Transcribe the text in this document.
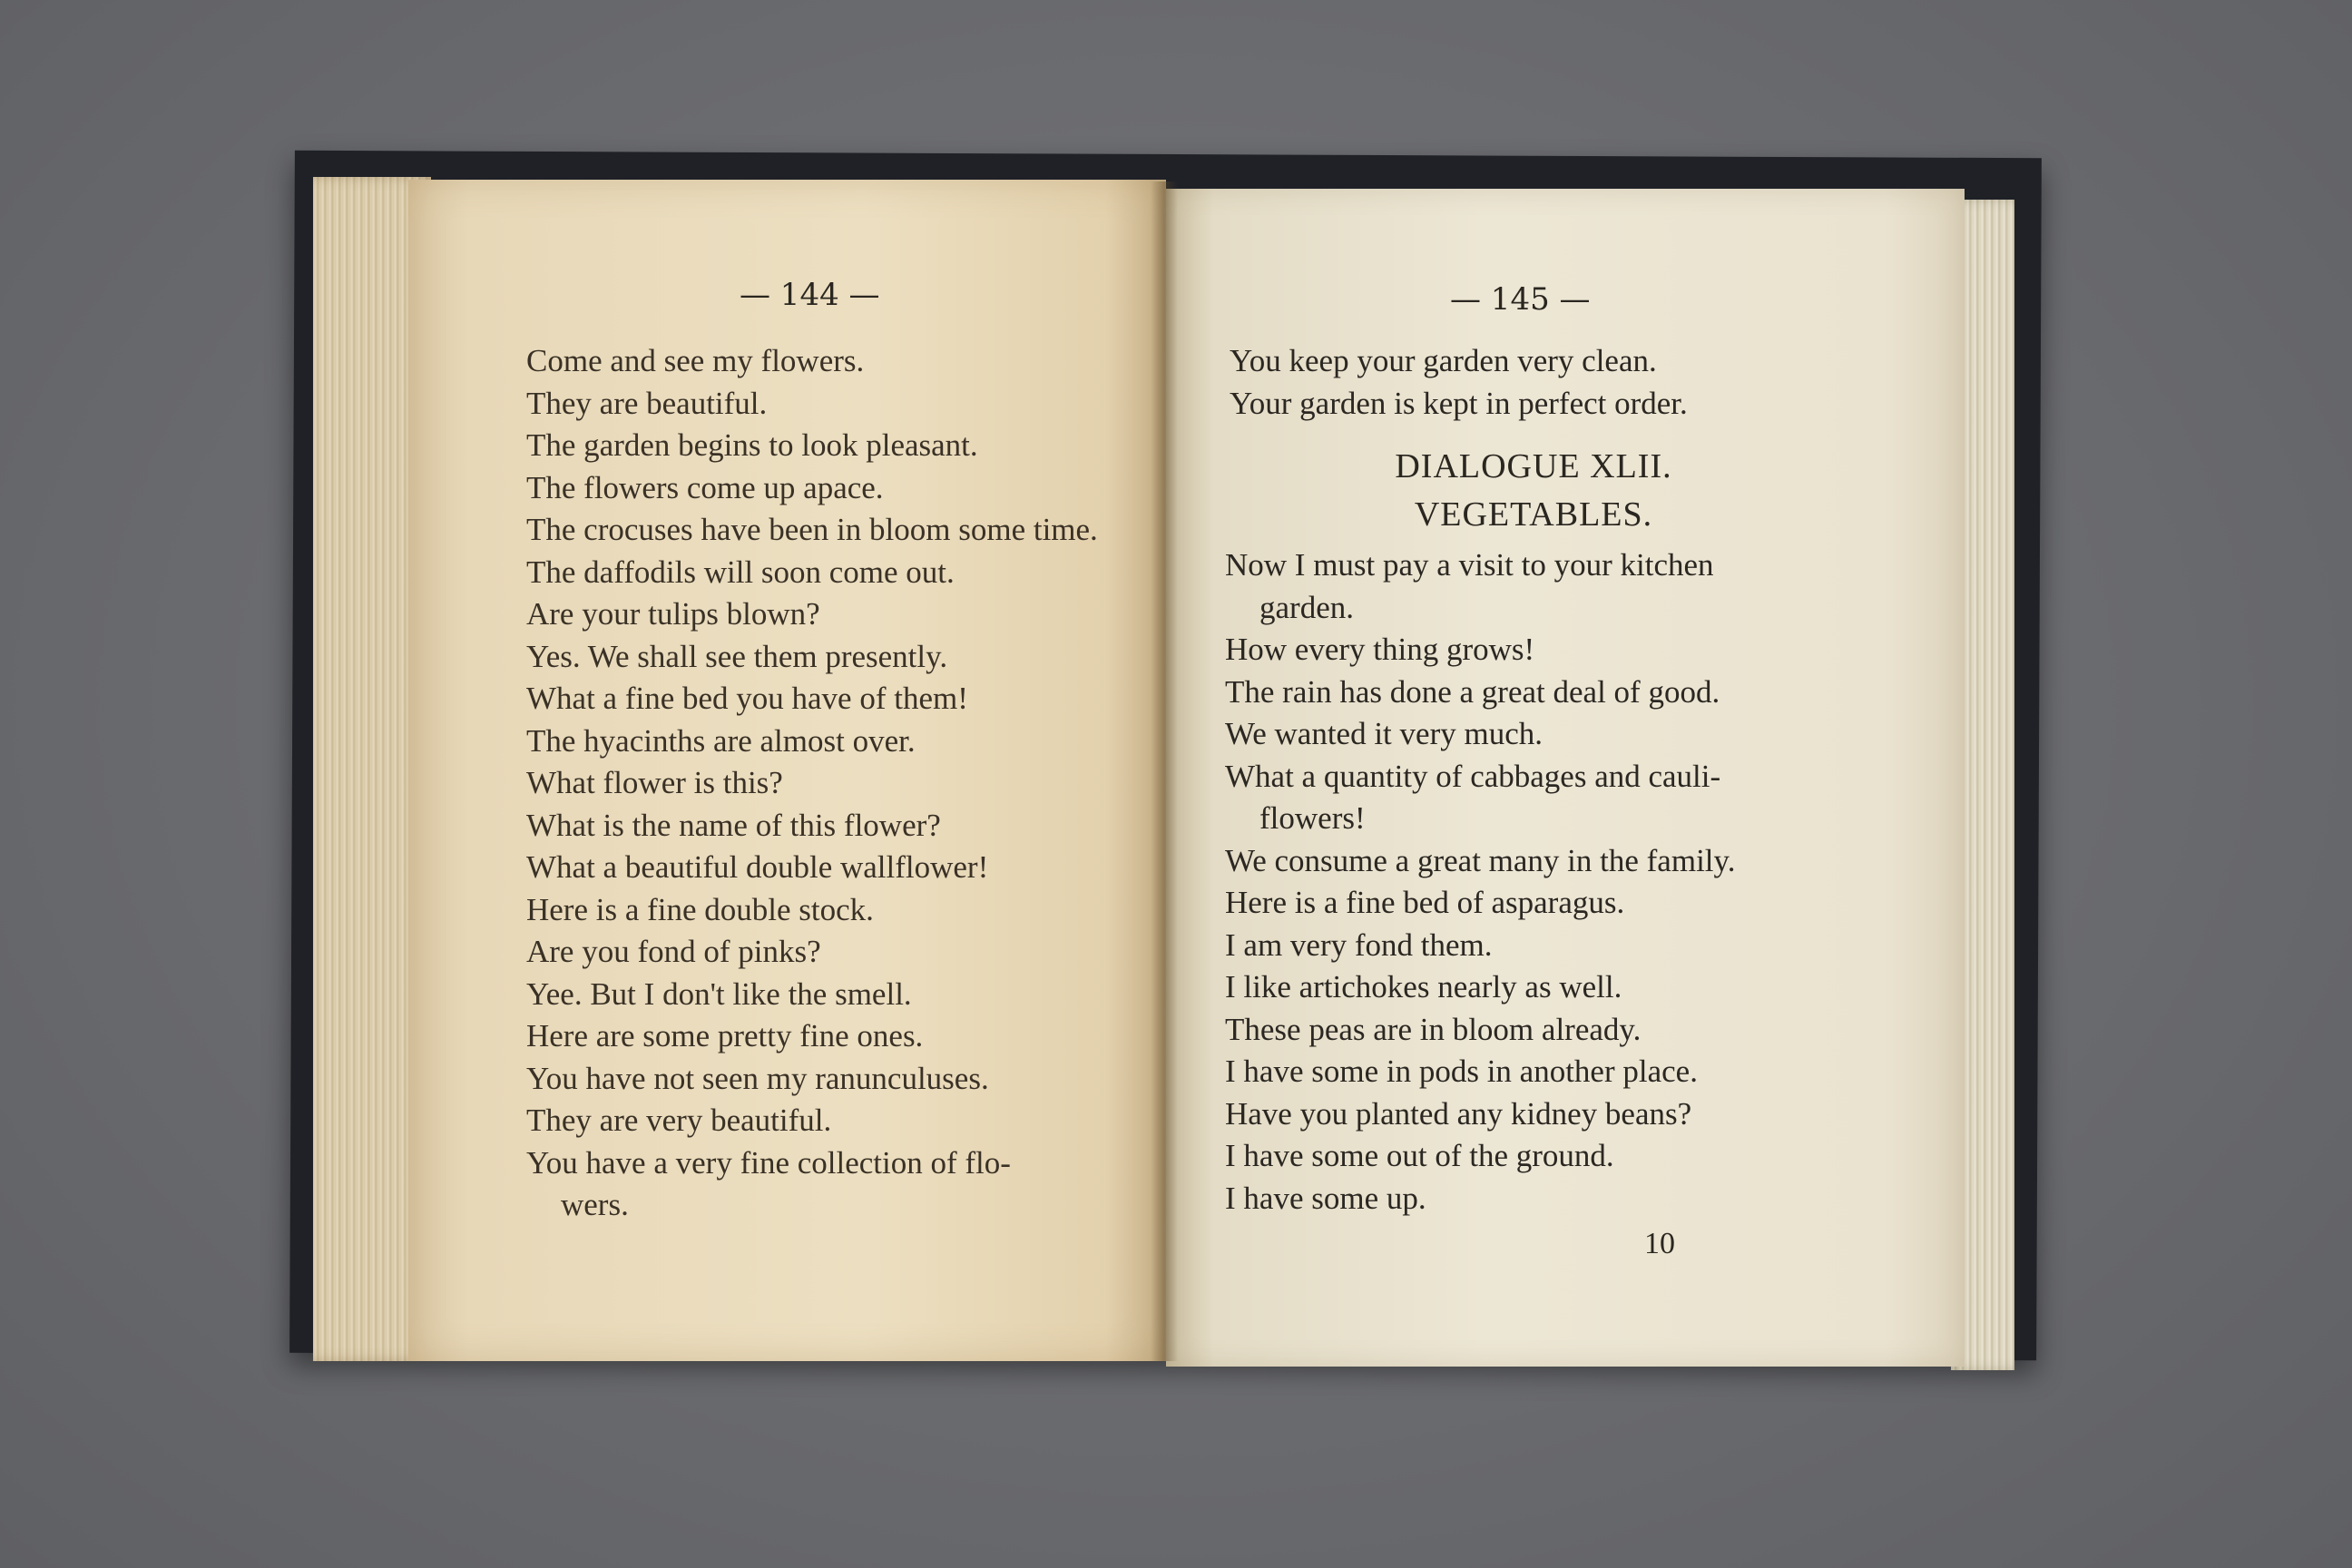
— 144 —
Come and see my flowers.
They are beautiful.
The garden begins to look pleasant.
The flowers come up apace.
The crocuses have been in bloom some time.
The daffodils will soon come out.
Are your tulips blown?
Yes. We shall see them presently.
What a fine bed you have of them!
The hyacinths are almost over.
What flower is this?
What is the name of this flower?
What a beautiful double wallflower!
Here is a fine double stock.
Are you fond of pinks?
Yee. But I don't like the smell.
Here are some pretty fine ones.
You have not seen my ranunculuses.
They are very beautiful.
You have a very fine collection of flo-
wers.
— 145 —
You keep your garden very clean.
Your garden is kept in perfect order.
DIALOGUE XLII.
VEGETABLES.
Now I must pay a visit to your kitchen
garden.
How every thing grows!
The rain has done a great deal of good.
We wanted it very much.
What a quantity of cabbages and cauli-
flowers!
We consume a great many in the family.
Here is a fine bed of asparagus.
I am very fond them.
I like artichokes nearly as well.
These peas are in bloom already.
I have some in pods in another place.
Have you planted any kidney beans?
I have some out of the ground.
I have some up.
10
